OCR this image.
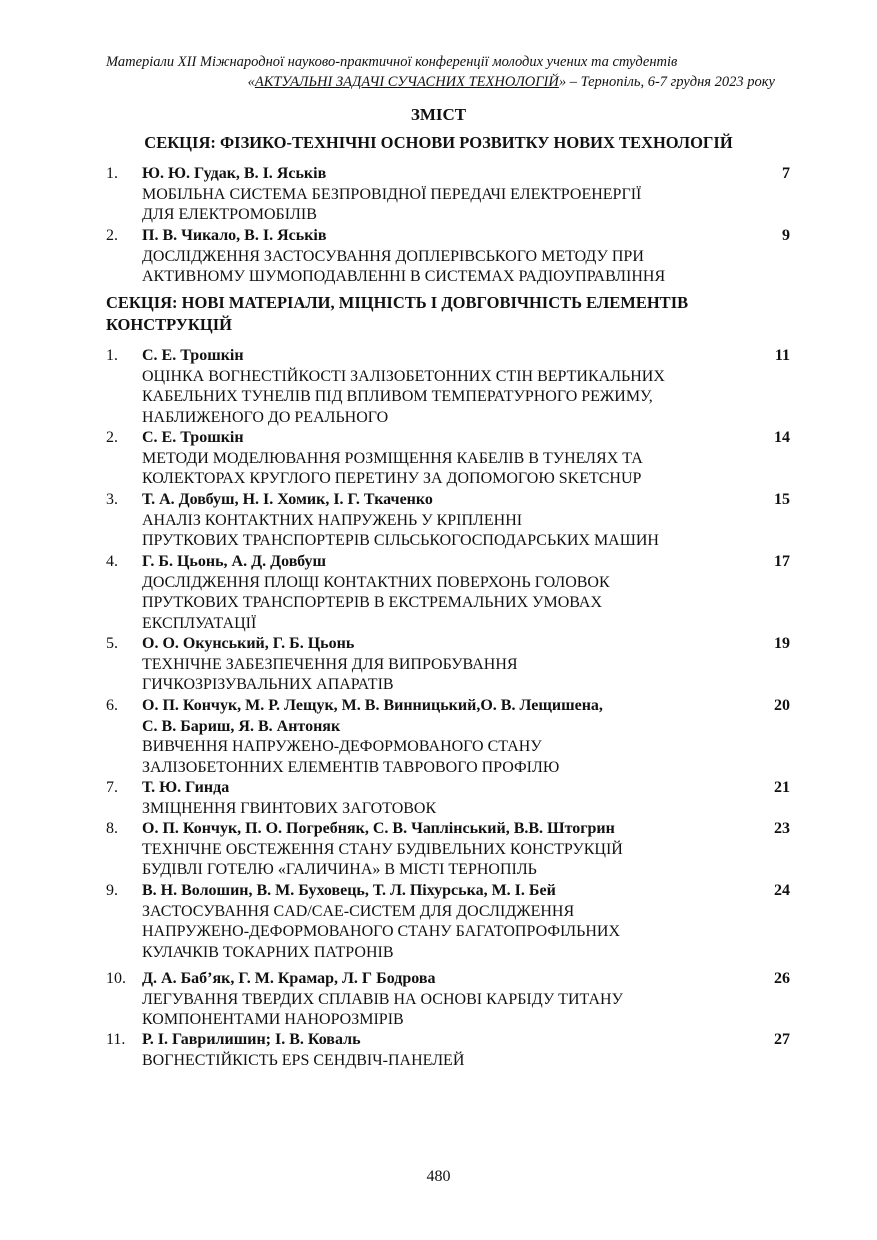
Матеріали XII Міжнародної науково-практичної конференції молодих учених та студентів
«АКТУАЛЬНІ ЗАДАЧІ СУЧАСНИХ ТЕХНОЛОГІЙ» – Тернопіль, 6-7 грудня 2023 року
ЗМІСТ
СЕКЦІЯ: ФІЗИКО-ТЕХНІЧНІ ОСНОВИ РОЗВИТКУ НОВИХ ТЕХНОЛОГІЙ
1. Ю. Ю. Гудак, В. І. Яськів
МОБІЛЬНА СИСТЕМА БЕЗПРОВІДНОЇ ПЕРЕДАЧІ ЕЛЕКТРОЕНЕРГІЇ
ДЛЯ ЕЛЕКТРОМОБІЛІВ
7
2. П. В. Чикало, В. І. Яськів
ДОСЛІДЖЕННЯ ЗАСТОСУВАННЯ ДОПЛЕРІВСЬКОГО МЕТОДУ ПРИ
АКТИВНОМУ ШУМОПОДАВЛЕННІ В СИСТЕМАХ РАДІОУПРАВЛІННЯ
9
СЕКЦІЯ: НОВІ МАТЕРІАЛИ, МІЦНІСТЬ І ДОВГОВІЧНІСТЬ ЕЛЕМЕНТІВ
КОНСТРУКЦІЙ
1. С. Е. Трошкін
ОЦІНКА ВОГНЕСТІЙКОСТІ ЗАЛІЗОБЕТОННИХ СТІН ВЕРТИКАЛЬНИХ
КАБЕЛЬНИХ ТУНЕЛІВ ПІД ВПЛИВОМ ТЕМПЕРАТУРНОГО РЕЖИМУ,
НАБЛИЖЕНОГО ДО РЕАЛЬНОГО
11
2. С. Е. Трошкін
МЕТОДИ МОДЕЛЮВАННЯ РОЗМІЩЕННЯ КАБЕЛІВ В ТУНЕЛЯХ ТА
КОЛЕКТОРАХ КРУГЛОГО ПЕРЕТИНУ ЗА ДОПОМОГОЮ SKETCHUP
14
3. Т. А. Довбуш, Н. І. Хомик, І. Г. Ткаченко
АНАЛІЗ КОНТАКТНИХ НАПРУЖЕНЬ У КРІПЛЕННІ
ПРУТКОВИХ ТРАНСПОРТЕРІВ СІЛЬСЬКОГОСПОДАРСЬКИХ МАШИН
15
4. Г. Б. Цьонь, А. Д. Довбуш
ДОСЛІДЖЕННЯ ПЛОЩІ КОНТАКТНИХ ПОВЕРХОНЬ ГОЛОВОК
ПРУТКОВИХ ТРАНСПОРТЕРІВ В ЕКСТРЕМАЛЬНИХ УМОВАХ
ЕКСПЛУАТАЦІЇ
17
5. О. О. Окунський, Г. Б. Цьонь
ТЕХНІЧНЕ ЗАБЕЗПЕЧЕННЯ ДЛЯ ВИПРОБУВАННЯ
ГИЧКОЗРІЗУВАЛЬНИХ АПАРАТІВ
19
6. О. П. Кончук, М. Р. Лещук, М. В. Винницький,О. В. Лещишена,
С. В. Бариш, Я. В. Антоняк
ВИВЧЕННЯ НАПРУЖЕНО-ДЕФОРМОВАНОГО СТАНУ
ЗАЛІЗОБЕТОННИХ ЕЛЕМЕНТІВ ТАВРОВОГО ПРОФІЛЮ
20
7. Т. Ю. Гинда
ЗМІЦНЕННЯ ГВИНТОВИХ ЗАГОТОВОК
21
8. О. П. Кончук, П. О. Погребняк, С. В. Чаплінський, В.В. Штогрин
ТЕХНІЧНЕ ОБСТЕЖЕННЯ СТАНУ БУДІВЕЛЬНИХ КОНСТРУКЦІЙ
БУДІВЛІ ГОТЕЛЮ «ГАЛИЧИНА» В МІСТІ ТЕРНОПІЛЬ
23
9. В. Н. Волошин, В. М. Буховець, Т. Л. Піхурська, М. І. Бей
ЗАСТОСУВАННЯ CAD/CAE-СИСТЕМ ДЛЯ ДОСЛІДЖЕННЯ
НАПРУЖЕНО-ДЕФОРМОВАНОГО СТАНУ БАГАТОПРОФІЛЬНИХ
КУЛАЧКІВ ТОКАРНИХ ПАТРОНІВ
24
10. Д. А. Баб’як, Г. М. Крамар, Л. Г Бодрова
ЛЕГУВАННЯ ТВЕРДИХ СПЛАВІВ НА ОСНОВІ КАРБІДУ ТИТАНУ
КОМПОНЕНТАМИ НАНОРОЗМІРІВ
26
11. Р. І. Гаврилишин; І. В. Коваль
ВОГНЕСТІЙКІСТЬ EPS СЕНДВІЧ-ПАНЕЛЕЙ
27
480
